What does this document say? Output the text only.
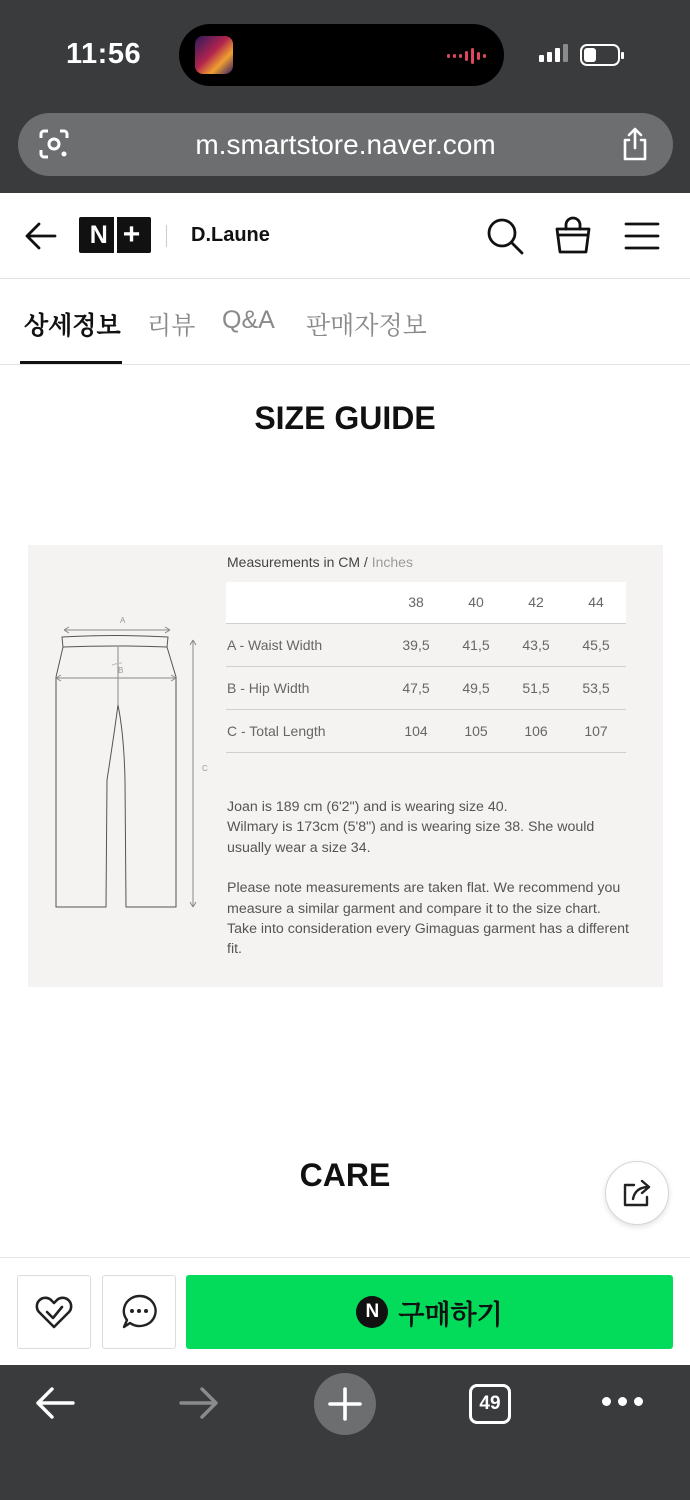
11:56
m.smartstore.naver.com
N +	D.Laune
상세정보 리뷰 Q&A 판매자정보
SIZE GUIDE
A
B
C
Measurements in CM / Inches
	38	40	42	44
A - Waist Width	39,5	41,5	43,5	45,5
B - Hip Width	47,5	49,5	51,5	53,5
C - Total Length	104	105	106	107

Joan is 189 cm (6'2") and is wearing size 40.

Wilmary is 173cm (5'8") and is wearing size 38. She would usually wear a size 34.

Please note measurements are taken flat. We recommend you measure a similar garment and compare it to the size chart.

Take into consideration every Gimaguas garment has a different fit.

CARE
N 구매하기
49
